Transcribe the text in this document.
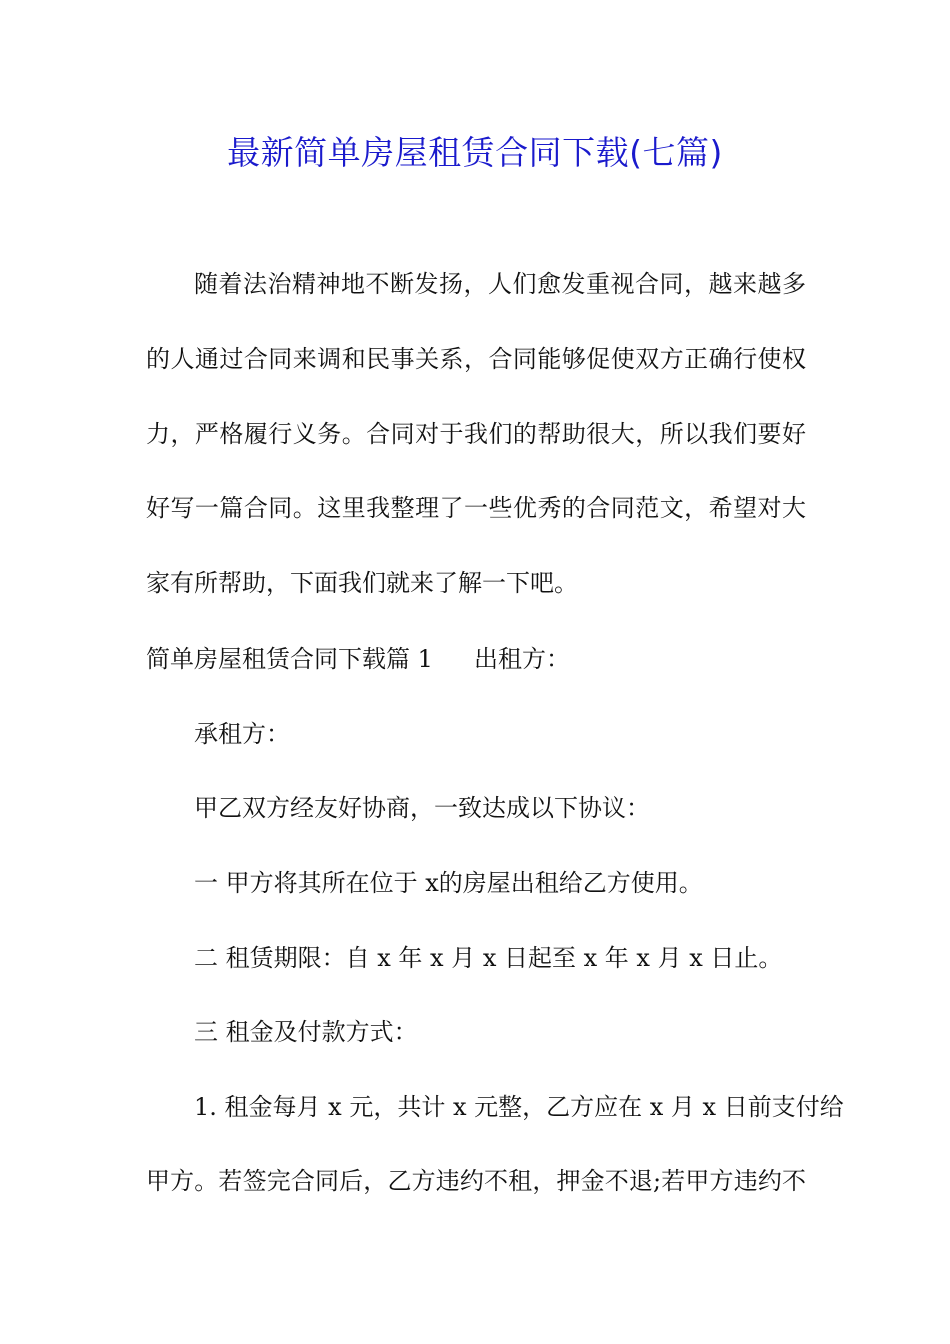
最新简单房屋租赁合同下载(七篇)
随着法治精神地不断发扬，人们愈发重视合同，越来越多
的人通过合同来调和民事关系，合同能够促使双方正确行使权
力，严格履行义务。合同对于我们的帮助很大，所以我们要好
好写一篇合同。这里我整理了一些优秀的合同范文，希望对大
家有所帮助，下面我们就来了解一下吧。
简单房屋租赁合同下载篇 1 出租方：
承租方：
甲乙双方经友好协商，一致达成以下协议：
一 甲方将其所在位于 x的房屋出租给乙方使用。
二 租赁期限：自 x 年 x 月 x 日起至 x 年 x 月 x 日止。
三 租金及付款方式：
1. 租金每月 x 元，共计 x 元整，乙方应在 x 月 x 日前支付给
甲方。若签完合同后，乙方违约不租，押金不退;若甲方违约不
